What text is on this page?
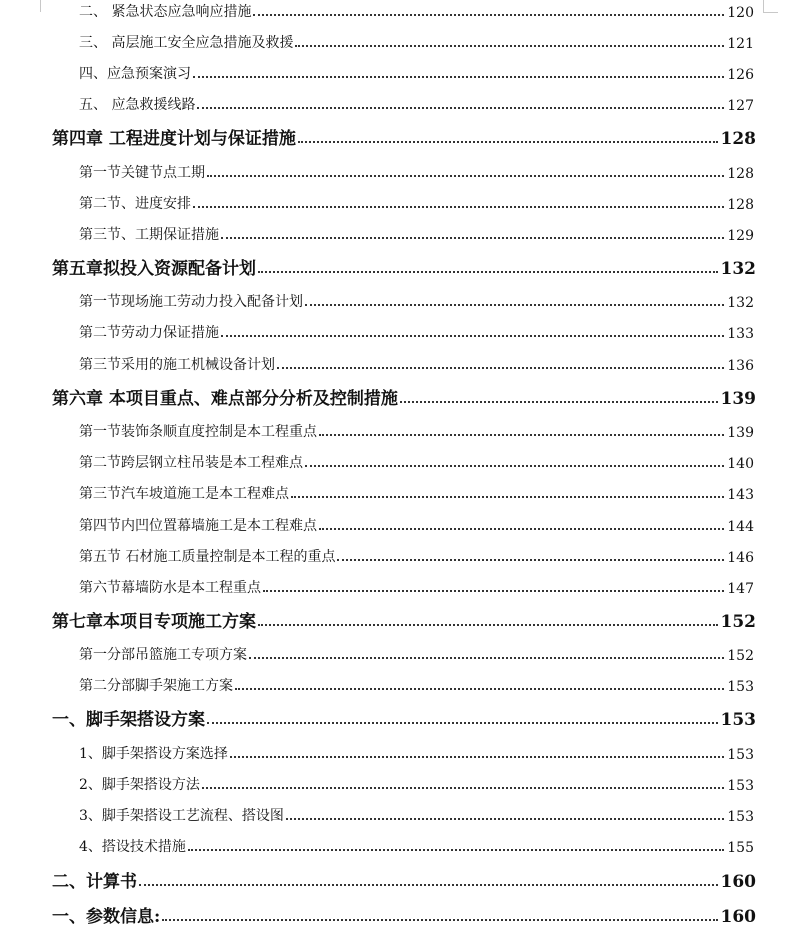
二、 紧急状态应急响应措施	120
三、 高层施工安全应急措施及救援	121
四、应急预案演习	126
五、 应急救援线路	127
第四章 工程进度计划与保证措施	128
第一节关键节点工期	128
第二节、进度安排	128
第三节、工期保证措施	129
第五章拟投入资源配备计划	132
第一节现场施工劳动力投入配备计划	132
第二节劳动力保证措施	133
第三节采用的施工机械设备计划	136
第六章 本项目重点、难点部分分析及控制措施	139
第一节装饰条顺直度控制是本工程重点	139
第二节跨层钢立柱吊装是本工程难点	140
第三节汽车坡道施工是本工程难点	143
第四节内凹位置幕墙施工是本工程难点	144
第五节 石材施工质量控制是本工程的重点	146
第六节幕墙防水是本工程重点	147
第七章本项目专项施工方案	152
第一分部吊篮施工专项方案	152
第二分部脚手架施工方案	153
一、脚手架搭设方案	153
1、脚手架搭设方案选择	153
2、脚手架搭设方法	153
3、脚手架搭设工艺流程、搭设图	153
4、搭设技术措施	155
二、计算书	160
一、参数信息:	160
